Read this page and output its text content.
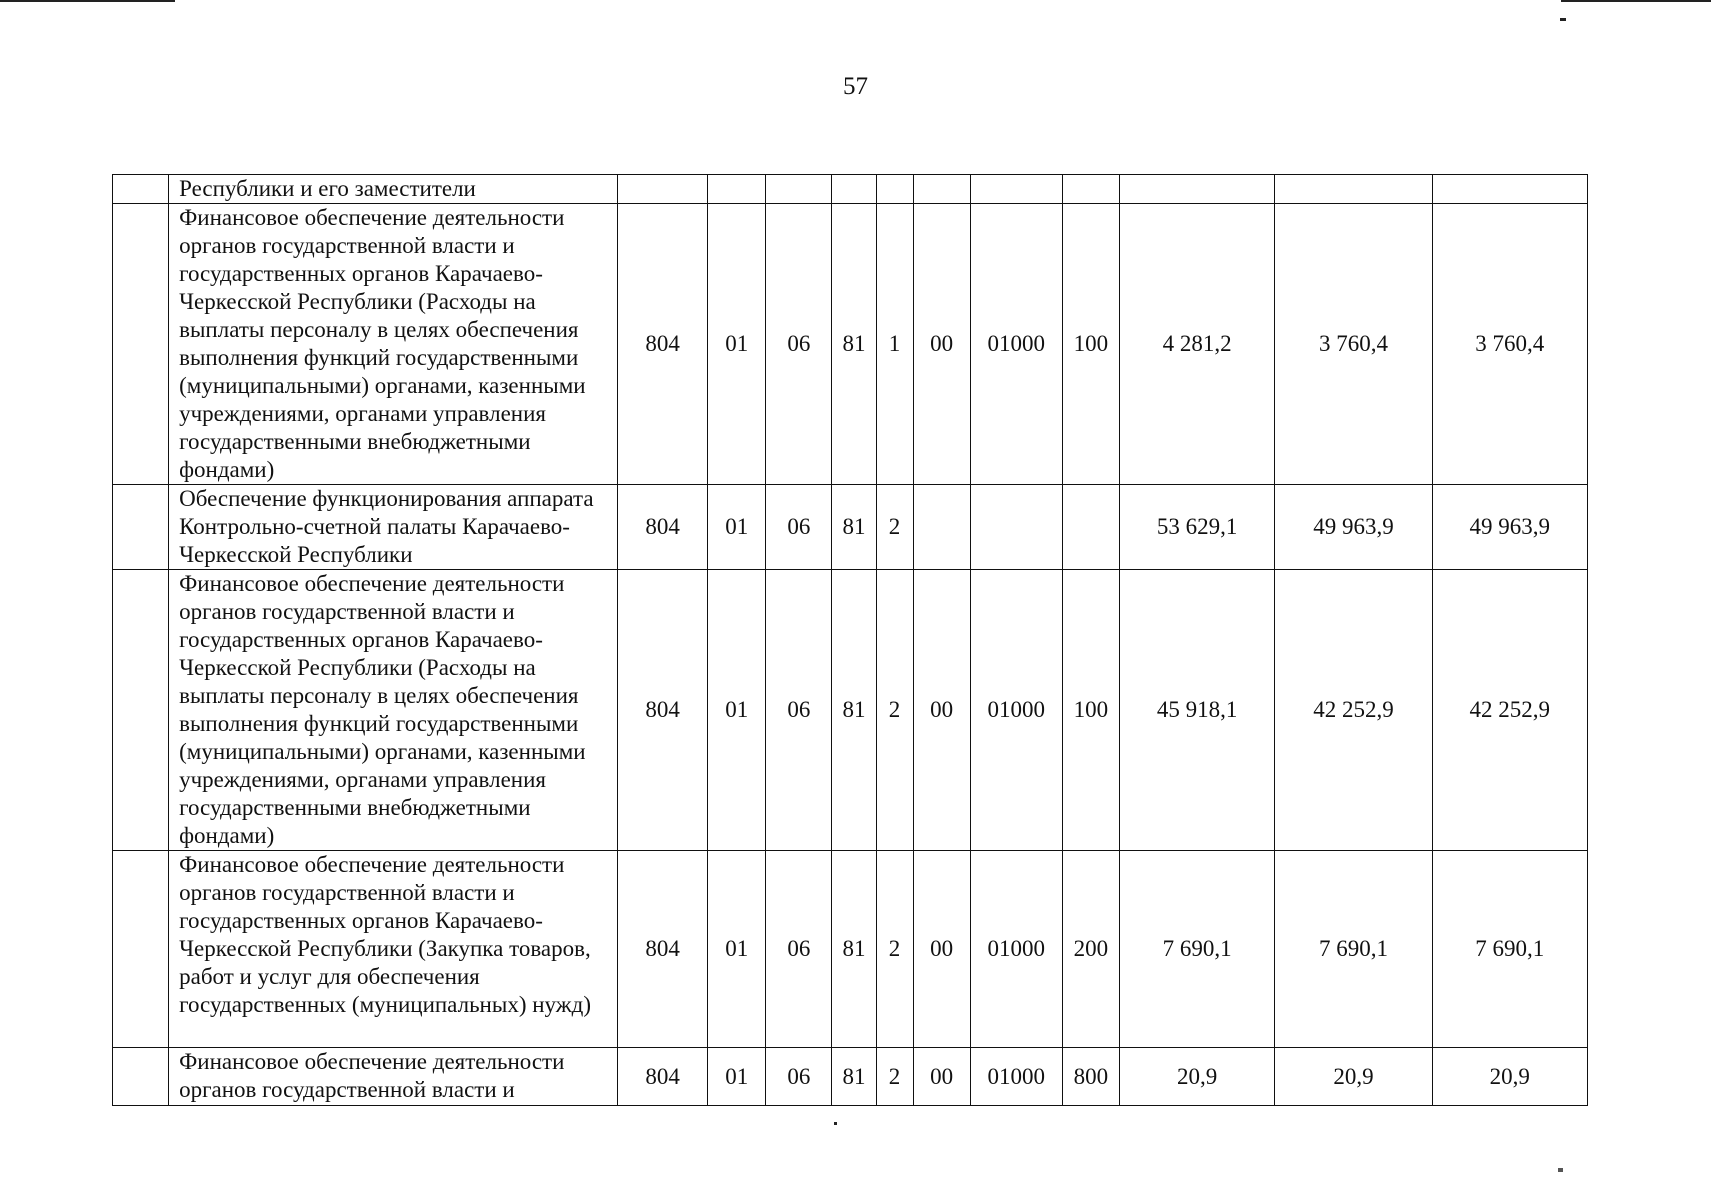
57
	Республики и его заместители											
	Финансовое обеспечение деятельности органов государственной власти и государственных органов Карачаево-Черкесской Республики (Расходы на выплаты персоналу в целях обеспечения выполнения функций государственными (муниципальными) органами, казенными учреждениями, органами управления государственными внебюджетными фондами)	804	01	06	81	1	00	01000	100	4 281,2	3 760,4	3 760,4
	Обеспечение функционирования аппарата Контрольно-счетной палаты Карачаево-Черкесской Республики	804	01	06	81	2				53 629,1	49 963,9	49 963,9
	Финансовое обеспечение деятельности органов государственной власти и государственных органов Карачаево-Черкесской Республики (Расходы на выплаты персоналу в целях обеспечения выполнения функций государственными (муниципальными) органами, казенными учреждениями, органами управления государственными внебюджетными фондами)	804	01	06	81	2	00	01000	100	45 918,1	42 252,9	42 252,9
	Финансовое обеспечение деятельности органов государственной власти и государственных органов Карачаево-Черкесской Республики (Закупка товаров, работ и услуг для обеспечения государственных (муниципальных) нужд)	804	01	06	81	2	00	01000	200	7 690,1	7 690,1	7 690,1
	Финансовое обеспечение деятельности органов государственной власти и	804	01	06	81	2	00	01000	800	20,9	20,9	20,9
